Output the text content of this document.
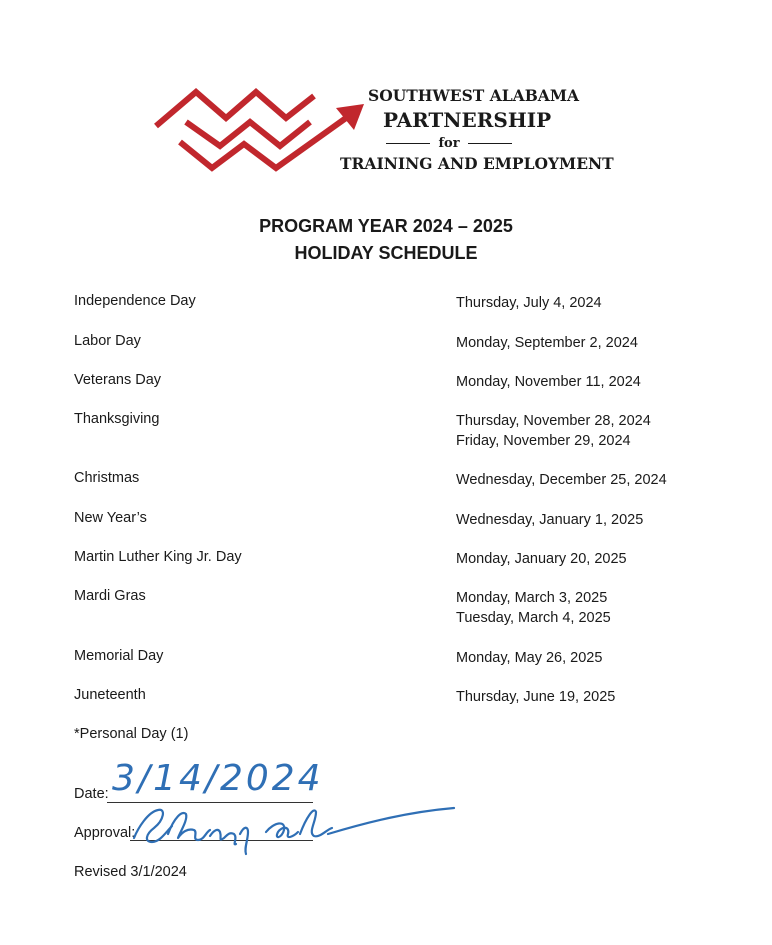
SOUTHWEST ALABAMA
PARTNERSHIP
for
TRAINING AND EMPLOYMENT
PROGRAM YEAR 2024 – 2025
HOLIDAY SCHEDULE
Independence Day	Thursday, July 4, 2024
Labor Day	Monday, September 2, 2024
Veterans Day	Monday, November 11, 2024
Thanksgiving	Thursday, November 28, 2024
Friday, November 29, 2024
Christmas	Wednesday, December 25, 2024
New Year’s	Wednesday, January 1, 2025
Martin Luther King Jr. Day	Monday, January 20, 2025
Mardi Gras	Monday, March 3, 2025
Tuesday, March 4, 2025
Memorial Day	Monday, May 26, 2025
Juneteenth	Thursday, June 19, 2025
*Personal Day (1)
Date: 3/14/2024
Approval:
Revised 3/1/2024
